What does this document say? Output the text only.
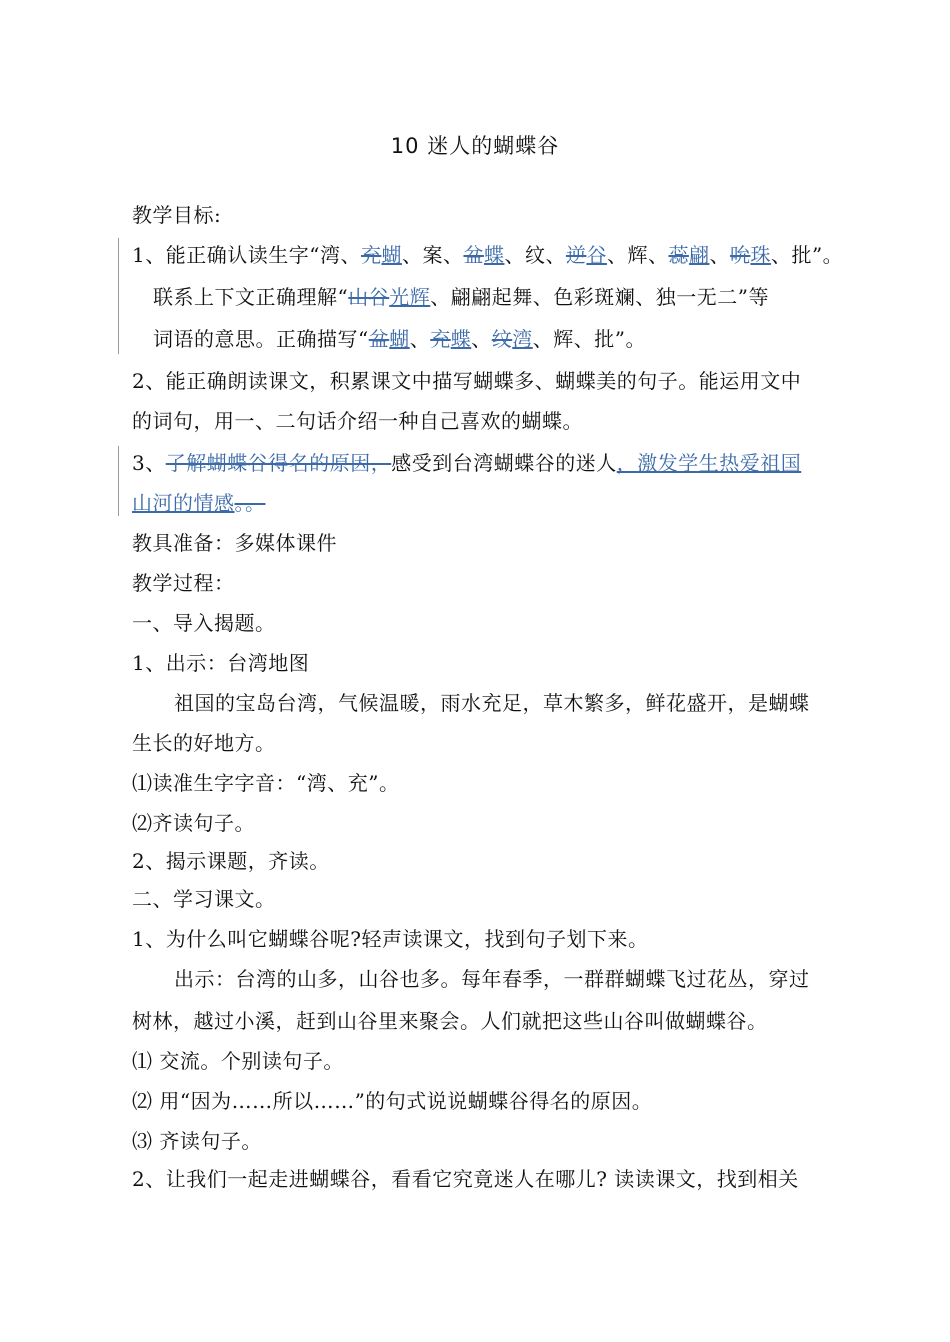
10 迷人的蝴蝶谷
教学目标:
1、能正确认读生字“湾、充蝴、案、盆蝶、纹、逆谷、辉、蕊翩、吮珠、批”。
联系上下文正确理解“山谷光辉、翩翩起舞、色彩斑斓、独一无二”等
词语的意思。正确描写“盆蝴、充蝶、纹湾、辉、批”。
2、能正确朗读课文，积累课文中描写蝴蝶多、蝴蝶美的句子。能运用文中
的词句，用一、二句话介绍一种自己喜欢的蝴蝶。
3、了解蝴蝶谷得名的原因，感受到台湾蝴蝶谷的迷人，激发学生热爱祖国
山河的情感。。
教具准备：多媒体课件
教学过程：
一、导入揭题。
1、出示：台湾地图
祖国的宝岛台湾，气候温暖，雨水充足，草木繁多，鲜花盛开，是蝴蝶
生长的好地方。
⑴读准生字字音：“湾、充”。
⑵齐读句子。
2、揭示课题，齐读。
二、学习课文。
1、为什么叫它蝴蝶谷呢?轻声读课文，找到句子划下来。
出示：台湾的山多，山谷也多。每年春季，一群群蝴蝶飞过花丛，穿过
树林，越过小溪，赶到山谷里来聚会。人们就把这些山谷叫做蝴蝶谷。
⑴ 交流。个别读句子。
⑵ 用“因为……所以……”的句式说说蝴蝶谷得名的原因。
⑶ 齐读句子。
2、让我们一起走进蝴蝶谷，看看它究竟迷人在哪儿? 读读课文，找到相关
